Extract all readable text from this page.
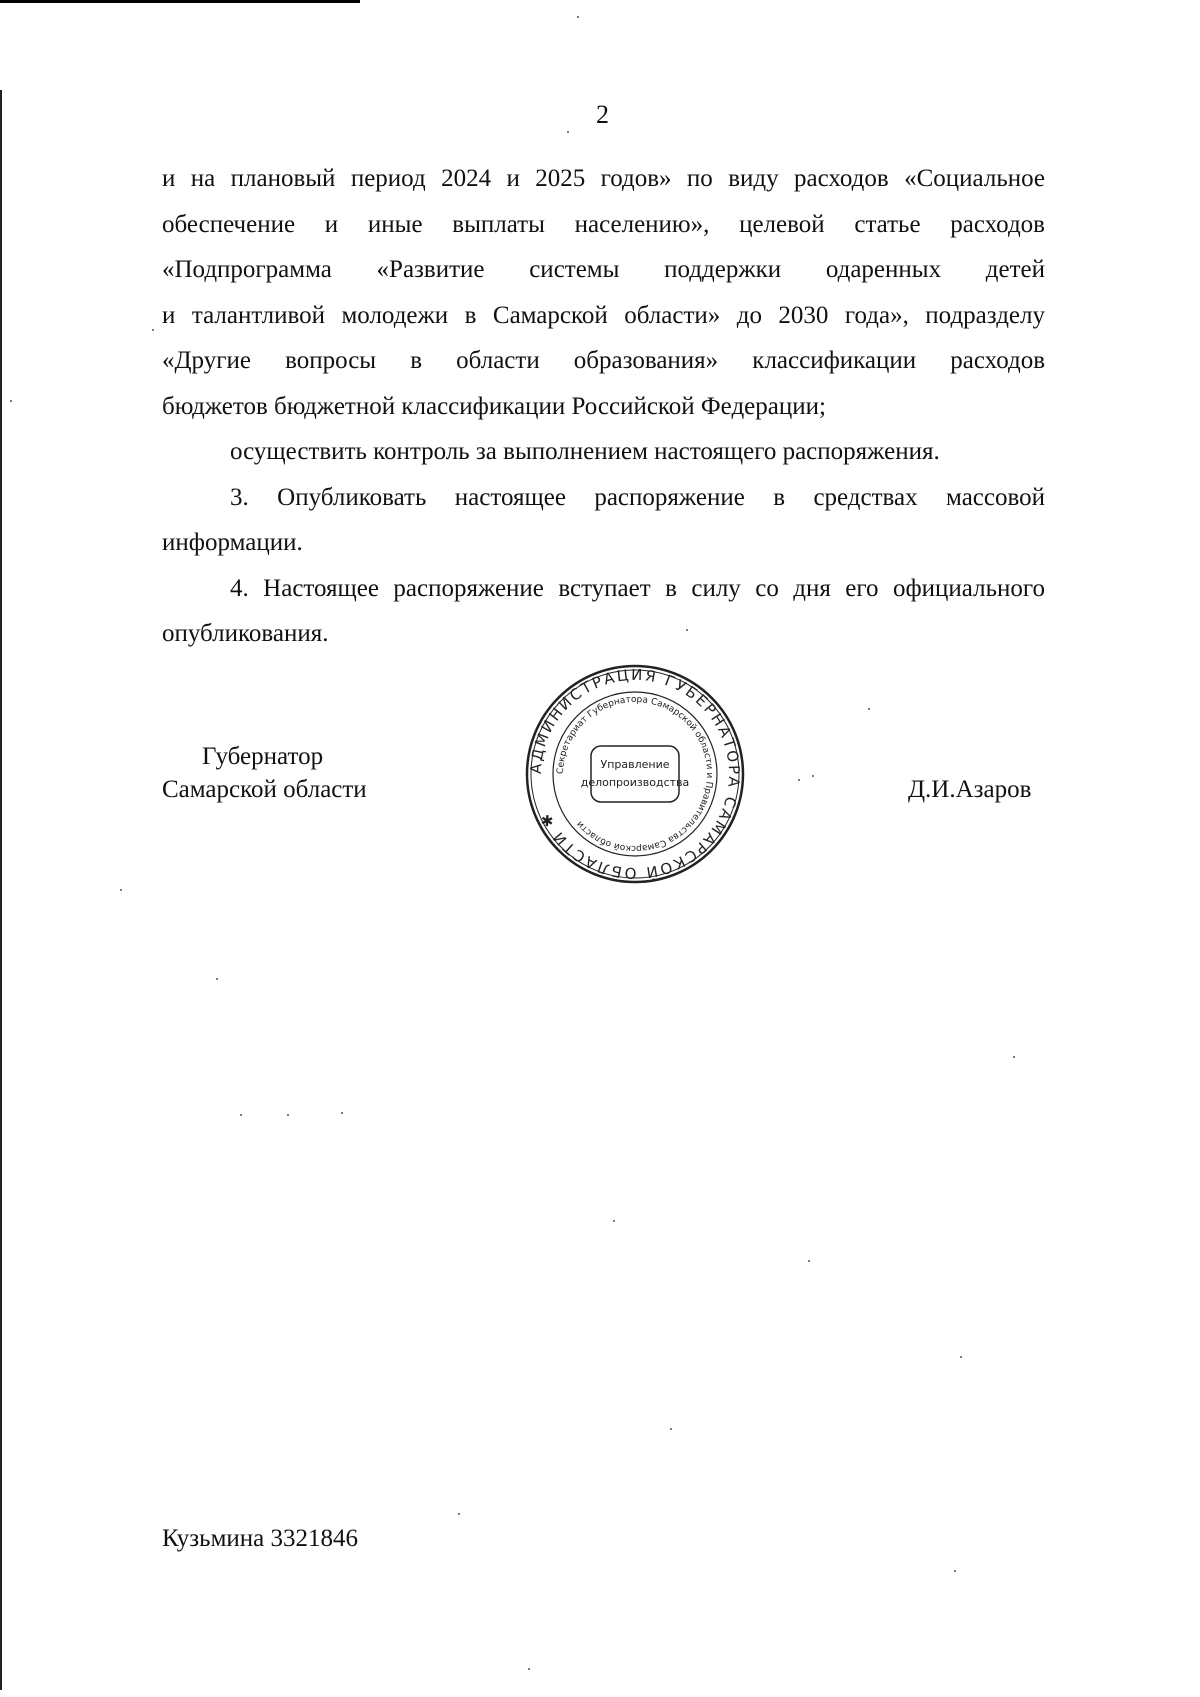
2

и на плановый период 2024 и 2025 годов» по виду расходов «Социальное

обеспечение и иные выплаты населению», целевой статье расходов

«Подпрограмма «Развитие системы поддержки одаренных детей

и талантливой молодежи в Самарской области» до 2030 года», подразделу

«Другие вопросы в области образования» классификации расходов

бюджетов бюджетной классификации Российской Федерации;

осуществить контроль за выполнением настоящего распоряжения.

3. Опубликовать настоящее распоряжение в средствах массовой

информации.

4. Настоящее распоряжение вступает в силу со дня его официального

опубликования.

Губернатор
Самарской области
АДМИНИСТРАЦИЯ ГУБЕРНАТОРА САМАРСКОЙ ОБЛАСТИ ✱
Секретариат Губернатора Самарской области и Правительства Самарской области
Управление
делопроизводства	Д.И.Азаров
Кузьмина 3321846
